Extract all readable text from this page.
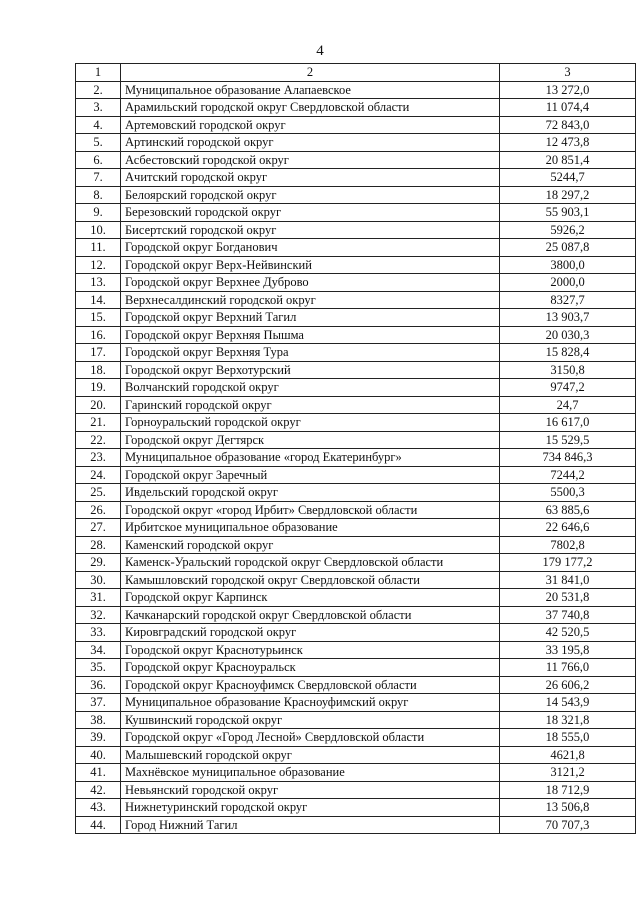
4
1	2	3
2.	Муниципальное образование Алапаевское	13 272,0
3.	Арамильский городской округ Свердловской области	11 074,4
4.	Артемовский городской округ	72 843,0
5.	Артинский городской округ	12 473,8
6.	Асбестовский городской округ	20 851,4
7.	Ачитский городской округ	5244,7
8.	Белоярский городской округ	18 297,2
9.	Березовский городской округ	55 903,1
10.	Бисертский городской округ	5926,2
11.	Городской округ Богданович	25 087,8
12.	Городской округ Верх-Нейвинский	3800,0
13.	Городской округ Верхнее Дуброво	2000,0
14.	Верхнесалдинский городской округ	8327,7
15.	Городской округ Верхний Тагил	13 903,7
16.	Городской округ Верхняя Пышма	20 030,3
17.	Городской округ Верхняя Тура	15 828,4
18.	Городской округ Верхотурский	3150,8
19.	Волчанский городской округ	9747,2
20.	Гаринский городской округ	24,7
21.	Горноуральский городской округ	16 617,0
22.	Городской округ Дегтярск	15 529,5
23.	Муниципальное образование «город Екатеринбург»	734 846,3
24.	Городской округ Заречный	7244,2
25.	Ивдельский городской округ	5500,3
26.	Городской округ «город Ирбит» Свердловской области	63 885,6
27.	Ирбитское муниципальное образование	22 646,6
28.	Каменский городской округ	7802,8
29.	Каменск-Уральский городской округ Свердловской области	179 177,2
30.	Камышловский городской округ Свердловской области	31 841,0
31.	Городской округ Карпинск	20 531,8
32.	Качканарский городской округ Свердловской области	37 740,8
33.	Кировградский городской округ	42 520,5
34.	Городской округ Краснотурьинск	33 195,8
35.	Городской округ Красноуральск	11 766,0
36.	Городской округ Красноуфимск Свердловской области	26 606,2
37.	Муниципальное образование Красноуфимский округ	14 543,9
38.	Кушвинский городской округ	18 321,8
39.	Городской округ «Город Лесной» Свердловской области	18 555,0
40.	Малышевский городской округ	4621,8
41.	Махнёвское муниципальное образование	3121,2
42.	Невьянский городской округ	18 712,9
43.	Нижнетуринский городской округ	13 506,8
44.	Город Нижний Тагил	70 707,3
